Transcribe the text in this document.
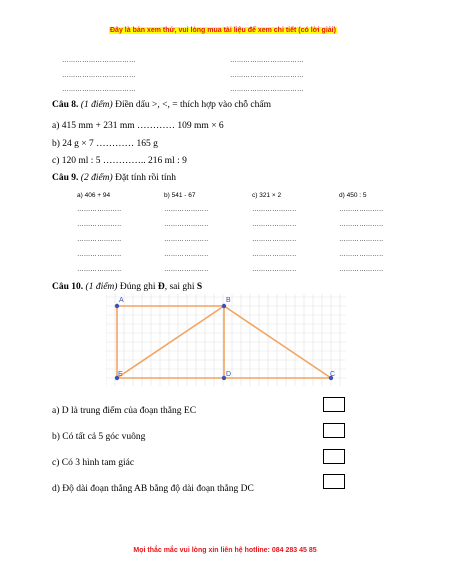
Đây là bản xem thử, vui lòng mua tài liệu để xem chi tiết (có lời giải)
……………………………	……………………………
……………………………	……………………………
……………………………	……………………………
Câu 8. (1 điểm) Điền dấu >, <, = thích hợp vào chỗ chấm
a) 415 mm + 231 mm ………… 109 mm × 6
b) 24 g × 7 ………… 165 g
c) 120 ml : 5 ………….. 216 ml : 9
Câu 9. (2 điểm) Đặt tính rồi tính
a) 406 + 94	b) 541 - 67	c) 321 × 2	d) 450 : 5
………………..	………………..	………………..	………………..
………………..	………………..	………………..	………………..
………………..	………………..	………………..	………………..
………………..	………………..	………………..	………………..
………………..	………………..	………………..	………………..
Câu 10. (1 điểm) Đúng ghi Đ, sai ghi S
A	B
E	D	C
a) D là trung điểm của đoạn thẳng EC
b) Có tất cả 5 góc vuông
c) Có 3 hình tam giác
d) Độ dài đoạn thẳng AB bằng độ dài đoạn thẳng DC
Mọi thắc mắc vui lòng xin liên hệ hotline: 084 283 45 85
